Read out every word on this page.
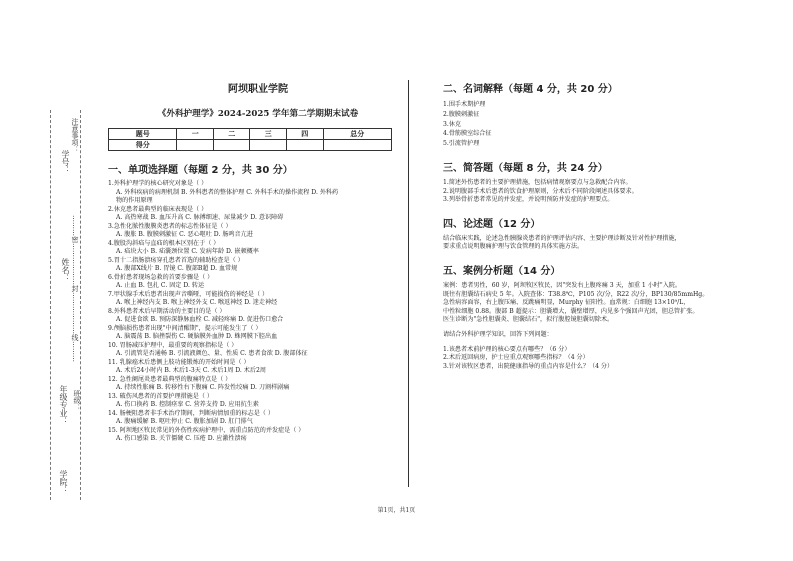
学号：
………密………………封………………线………
姓名：
注意事项：
年级专业： 班级：
学院：
阿坝职业学院
《外科护理学》2024-2025 学年第二学期期末试卷
题号	一	二	三	四	总分
得分					
一、单项选择题（每题 2 分，共 30 分）
1.外科护理学的核心研究对象是（ ）
A. 外科疾病的病理机制 B. 外科患者的整体护理 C. 外科手术的操作流程 D. 外科药
物的作用原理
2.休克患者最典型的临床表现是（ ）
A. 高热寒战 B. 血压升高 C. 脉搏细速、尿量减少 D. 意识障碍
3.急性化脓性腹膜炎患者的标志性体征是（ ）
A. 腹胀 B. 腹膜刺激征 C. 恶心呕吐 D. 肠鸣音亢进
4.腹股沟斜疝与直疝的根本区别在于（ ）
A. 疝块大小 B. 疝囊颈位置 C. 发病年龄 D. 嵌顿概率
5.胃十二指肠溃疡穿孔患者首选的辅助检查是（ ）
A. 腹部X线片 B. 胃镜 C. 腹部B超 D. 血常规
6.骨折患者现场急救的首要步骤是（ ）
A. 止血 B. 包扎 C. 固定 D. 转运
7.甲状腺手术后患者出现声音嘶哑，可能损伤的神经是（ ）
A. 喉上神经内支 B. 喉上神经外支 C. 喉返神经 D. 迷走神经
8.外科患者术后早期活动的主要目的是（ ）
A. 促进食欲 B. 预防深静脉血栓 C. 减轻疼痛 D. 促进伤口愈合
9.颅脑损伤患者出现"中间清醒期"，提示可能发生了（ ）
A. 脑震荡 B. 脑挫裂伤 C. 硬脑膜外血肿 D. 蛛网膜下腔出血
10. 胃肠减压护理中，最重要的观察指标是（ ）
A. 引流管是否通畅 B. 引流液颜色、量、性质 C. 患者食欲 D. 腹部体征
11. 乳腺癌术后患侧上肢功能锻炼的开始时间是（ ）
A. 术后24小时内 B. 术后1-3天 C. 术后1周 D. 术后2周
12. 急性阑尾炎患者最典型的腹痛特点是（ ）
A. 持续性胀痛 B. 转移性右下腹痛 C. 阵发性绞痛 D. 刀割样剧痛
13. 破伤风患者的首要护理措施是（ ）
A. 伤口换药 B. 控制痉挛 C. 营养支持 D. 应用抗生素
14. 肠梗阻患者非手术治疗期间，判断病情加重的标志是（ ）
A. 腹痛缓解 B. 呕吐停止 C. 腹胀加剧 D. 肛门排气
15. 阿坝地区牧民常见的外伤性疾病护理中，需重点防范的并发症是（ ）
A. 伤口感染 B. 关节僵硬 C. 压疮 D. 应激性溃疡
二、名词解释（每题 4 分，共 20 分）
1.围手术期护理
2.腹膜刺激征
3.休克
4.骨筋膜室综合征
5.引流管护理
三、简答题（每题 8 分，共 24 分）
1.简述外伤患者的主要护理措施，包括病情观察要点与急救配合内容。
2.说明腹部手术后患者的饮食护理原则，分术后不同阶段阐述具体要求。
3.列举骨折患者常见的并发症，并说明预防并发症的护理要点。
四、论述题（12 分）
结合临床实践，论述急性胰腺炎患者的护理评估内容、主要护理诊断及针对性护理措施，
要求重点说明腹痛护理与饮食管理的具体实施方法。
五、案例分析题（14 分）
案例：患者男性，60 岁，阿坝牧区牧民，因"突发右上腹疼痛 3 天，加重 1 小时"入院。
既往有胆囊结石病史 5 年。入院查体：T38.8℃，P105 次/分，R22 次/分，BP130/85mmHg。
急性病容面容，右上腹压痛、反跳痛明显，Murphy 征阳性。血常规：白细胞 13×10⁹/L，
中性粒细胞 0.88。腹部 B 超提示：胆囊增大，囊壁增厚，内见多个强回声光团，胆总管扩张。
医生诊断为"急性胆囊炎、胆囊结石"，拟行腹腔镜胆囊切除术。
请结合外科护理学知识，回答下列问题：
1.该患者术前护理的核心要点有哪些？（6 分）
2.术后返回病房，护士应重点观察哪些指标？（4 分）
3.针对该牧区患者，出院健康指导的重点内容是什么？（4 分）
第1页，共1页
